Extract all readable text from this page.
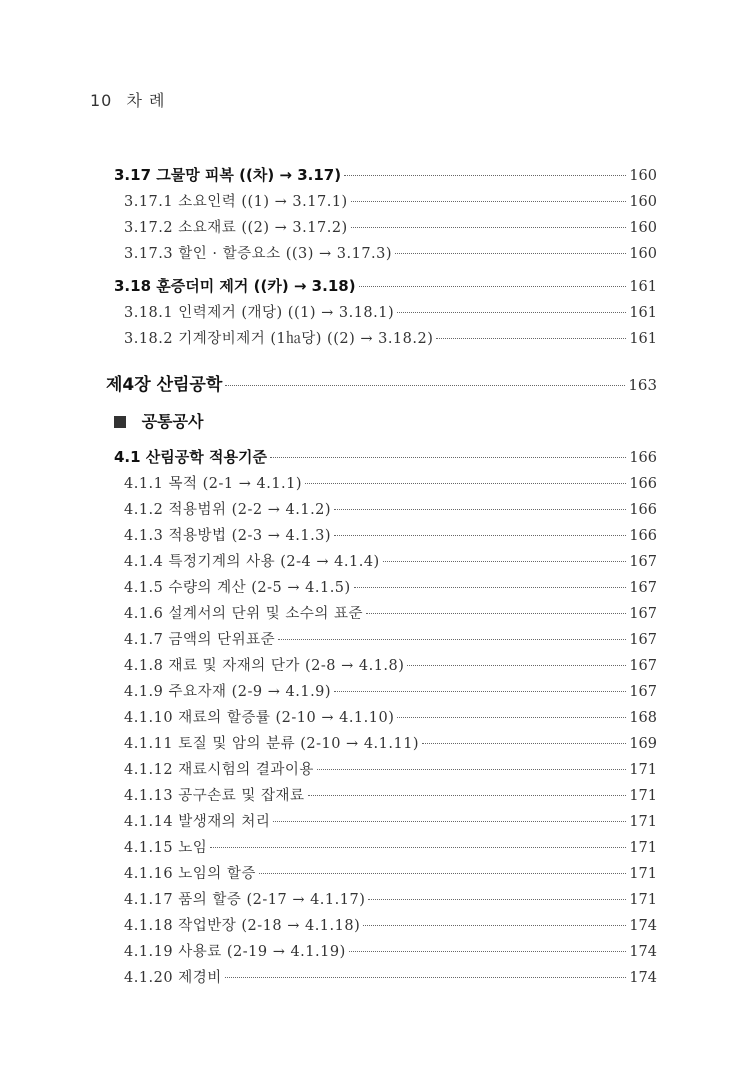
10 차 례
공통공사
3.17 그물망 피복 ((차) → 3.17)	160
3.17.1 소요인력 ((1) → 3.17.1)	160
3.17.2 소요재료 ((2) → 3.17.2)	160
3.17.3 할인 · 할증요소 ((3) → 3.17.3)	160
3.18 훈증더미 제거 ((카) → 3.18)	161
3.18.1 인력제거 (개당) ((1) → 3.18.1)	161
3.18.2 기계장비제거 (1㏊당) ((2) → 3.18.2)	161
제4장 산림공학	163
4.1 산림공학 적용기준	166
4.1.1 목적 (2-1 → 4.1.1)	166
4.1.2 적용범위 (2-2 → 4.1.2)	166
4.1.3 적용방법 (2-3 → 4.1.3)	166
4.1.4 특정기계의 사용 (2-4 → 4.1.4)	167
4.1.5 수량의 계산 (2-5 → 4.1.5)	167
4.1.6 설계서의 단위 및 소수의 표준	167
4.1.7 금액의 단위표준	167
4.1.8 재료 및 자재의 단가 (2-8 → 4.1.8)	167
4.1.9 주요자재 (2-9 → 4.1.9)	167
4.1.10 재료의 할증률 (2-10 → 4.1.10)	168
4.1.11 토질 및 암의 분류 (2-10 → 4.1.11)	169
4.1.12 재료시험의 결과이용	171
4.1.13 공구손료 및 잡재료	171
4.1.14 발생재의 처리	171
4.1.15 노임	171
4.1.16 노임의 할증	171
4.1.17 품의 할증 (2-17 → 4.1.17)	171
4.1.18 작업반장 (2-18 → 4.1.18)	174
4.1.19 사용료 (2-19 → 4.1.19)	174
4.1.20 제경비	174
